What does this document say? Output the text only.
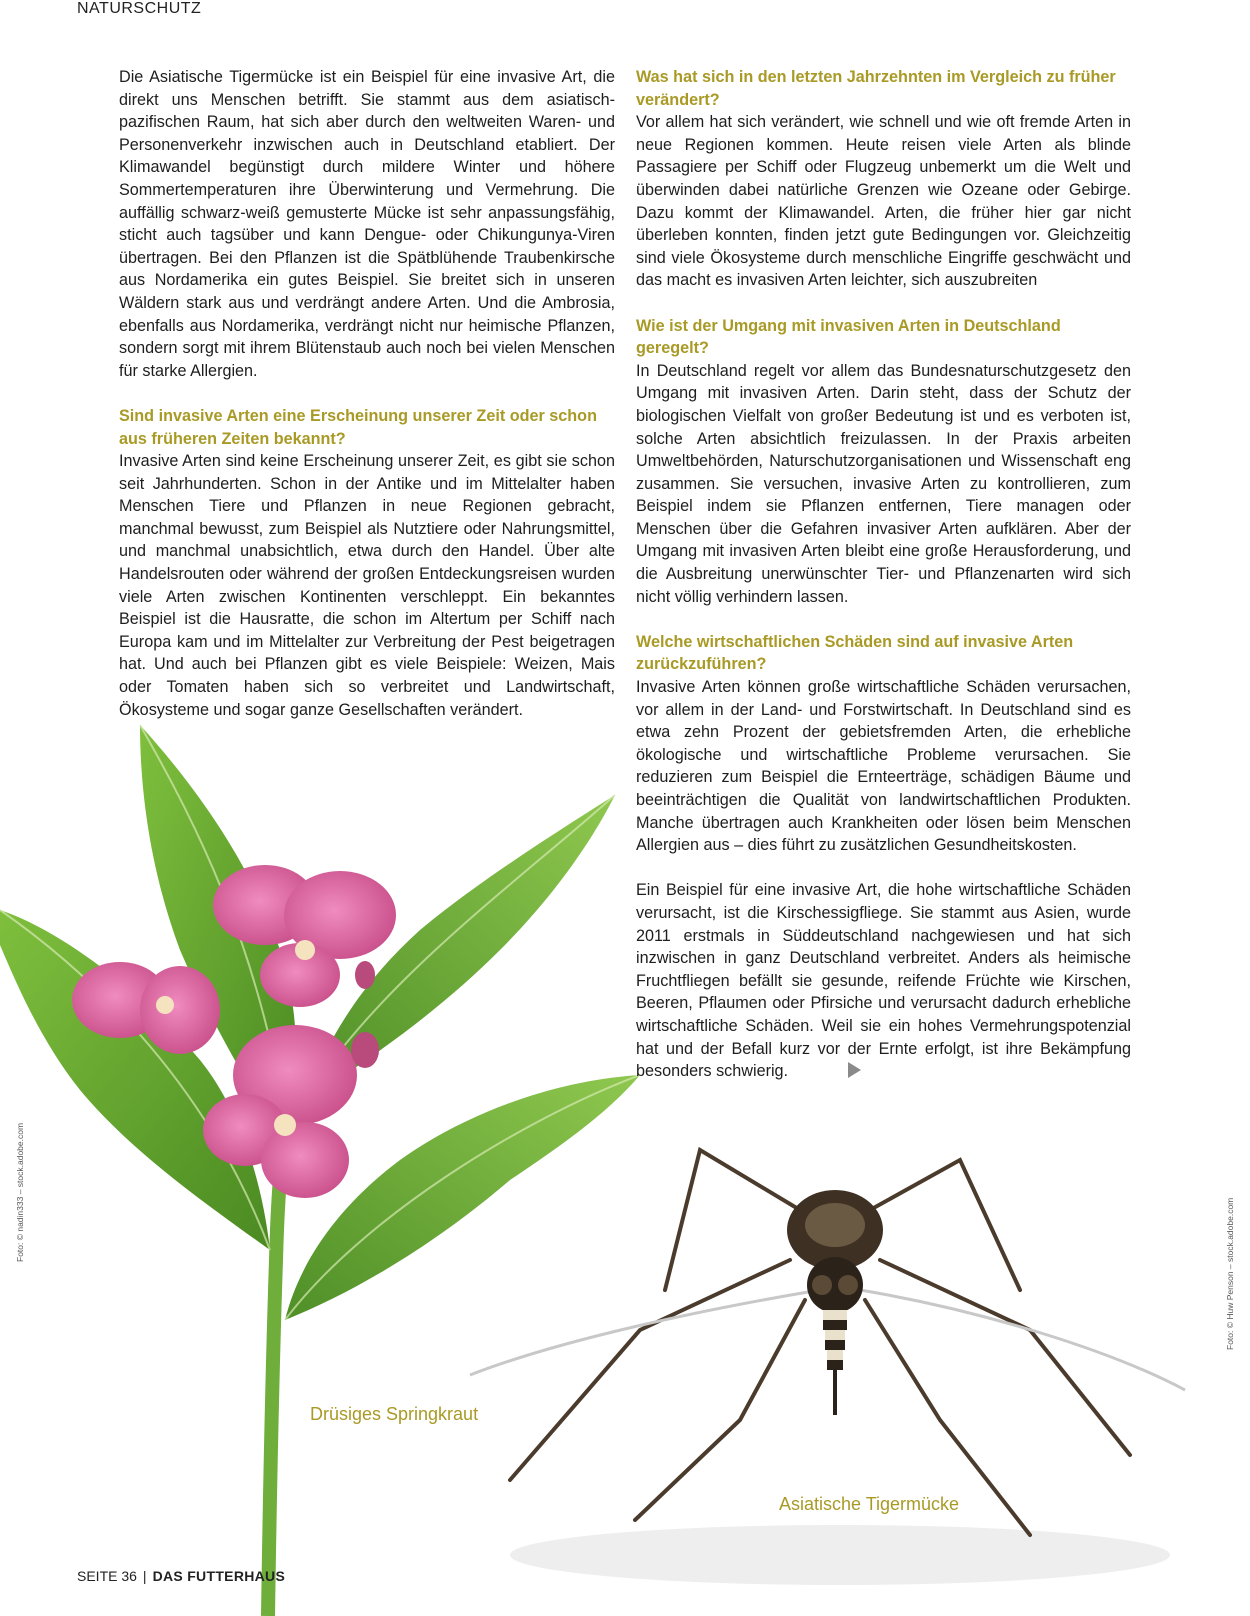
NATURSCHUTZ

Die Asiatische Tigermücke ist ein Beispiel für eine invasive Art, die direkt uns Menschen betrifft. Sie stammt aus dem asiatisch-pazifischen Raum, hat sich aber durch den weltweiten Waren- und Personenverkehr inzwischen auch in Deutschland etabliert. Der Klimawandel begünstigt durch mildere Winter und höhere Sommertemperaturen ihre Überwinterung und Vermehrung. Die auffällig schwarz-weiß gemusterte Mücke ist sehr anpassungsfähig, sticht auch tagsüber und kann Dengue- oder Chikungunya-Viren übertragen. Bei den Pflanzen ist die Spätblühende Traubenkirsche aus Nordamerika ein gutes Beispiel. Sie breitet sich in unseren Wäldern stark aus und verdrängt andere Arten. Und die Ambrosia, ebenfalls aus Nordamerika, verdrängt nicht nur heimische Pflanzen, sondern sorgt mit ihrem Blütenstaub auch noch bei vielen Menschen für starke Allergien.

Sind invasive Arten eine Erscheinung unserer Zeit oder schon aus früheren Zeiten bekannt?

Invasive Arten sind keine Erscheinung unserer Zeit, es gibt sie schon seit Jahrhunderten. Schon in der Antike und im Mittelalter haben Menschen Tiere und Pflanzen in neue Regionen gebracht, manchmal bewusst, zum Beispiel als Nutztiere oder Nahrungsmittel, und manchmal unabsichtlich, etwa durch den Handel. Über alte Handelsrouten oder während der großen Entdeckungsreisen wurden viele Arten zwischen Kontinenten verschleppt. Ein bekanntes Beispiel ist die Hausratte, die schon im Altertum per Schiff nach Europa kam und im Mittelalter zur Verbreitung der Pest beigetragen hat. Und auch bei Pflanzen gibt es viele Beispiele: Weizen, Mais oder Tomaten haben sich so verbreitet und Landwirtschaft, Ökosysteme und sogar ganze Gesellschaften verändert.

Was hat sich in den letzten Jahrzehnten im Vergleich zu früher verändert?

Vor allem hat sich verändert, wie schnell und wie oft fremde Arten in neue Regionen kommen. Heute reisen viele Arten als blinde Passagiere per Schiff oder Flugzeug unbemerkt um die Welt und überwinden dabei natürliche Grenzen wie Ozeane oder Gebirge. Dazu kommt der Klimawandel. Arten, die früher hier gar nicht überleben konnten, finden jetzt gute Bedingungen vor. Gleichzeitig sind viele Ökosysteme durch menschliche Eingriffe geschwächt und das macht es invasiven Arten leichter, sich auszubreiten

Wie ist der Umgang mit invasiven Arten in Deutschland geregelt?

In Deutschland regelt vor allem das Bundesnaturschutzgesetz den Umgang mit invasiven Arten. Darin steht, dass der Schutz der biologischen Vielfalt von großer Bedeutung ist und es verboten ist, solche Arten absichtlich freizulassen. In der Praxis arbeiten Umweltbehörden, Naturschutzorganisationen und Wissenschaft eng zusammen. Sie versuchen, invasive Arten zu kontrollieren, zum Beispiel indem sie Pflanzen entfernen, Tiere managen oder Menschen über die Gefahren invasiver Arten aufklären. Aber der Umgang mit invasiven Arten bleibt eine große Herausforderung, und die Ausbreitung unerwünschter Tier- und Pflanzenarten wird sich nicht völlig verhindern lassen.

Welche wirtschaftlichen Schäden sind auf invasive Arten zurückzuführen?

Invasive Arten können große wirtschaftliche Schäden verursachen, vor allem in der Land- und Forstwirtschaft. In Deutschland sind es etwa zehn Prozent der gebietsfremden Arten, die erhebliche ökologische und wirtschaftliche Probleme verursachen. Sie reduzieren zum Beispiel die Ernteerträge, schädigen Bäume und beeinträchtigen die Qualität von landwirtschaftlichen Produkten. Manche übertragen auch Krankheiten oder lösen beim Menschen Allergien aus – dies führt zu zusätzlichen Gesundheitskosten.

Ein Beispiel für eine invasive Art, die hohe wirtschaftliche Schäden verursacht, ist die Kirschessigfliege. Sie stammt aus Asien, wurde 2011 erstmals in Süddeutschland nachgewiesen und hat sich inzwischen in ganz Deutschland verbreitet. Anders als heimische Fruchtfliegen befällt sie gesunde, reifende Früchte wie Kirschen, Beeren, Pflaumen oder Pfirsiche und verursacht dadurch erhebliche wirtschaftliche Schäden. Weil sie ein hohes Vermehrungspotenzial hat und der Befall kurz vor der Ernte erfolgt, ist ihre Bekämpfung besonders schwierig.

Foto: © nadin333 – stock.adobe.com
Foto: © Huw Penson – stock.adobe.com
Drüsiges Springkraut
Asiatische Tigermücke
SEITE 36 | DAS FUTTERHAUS
